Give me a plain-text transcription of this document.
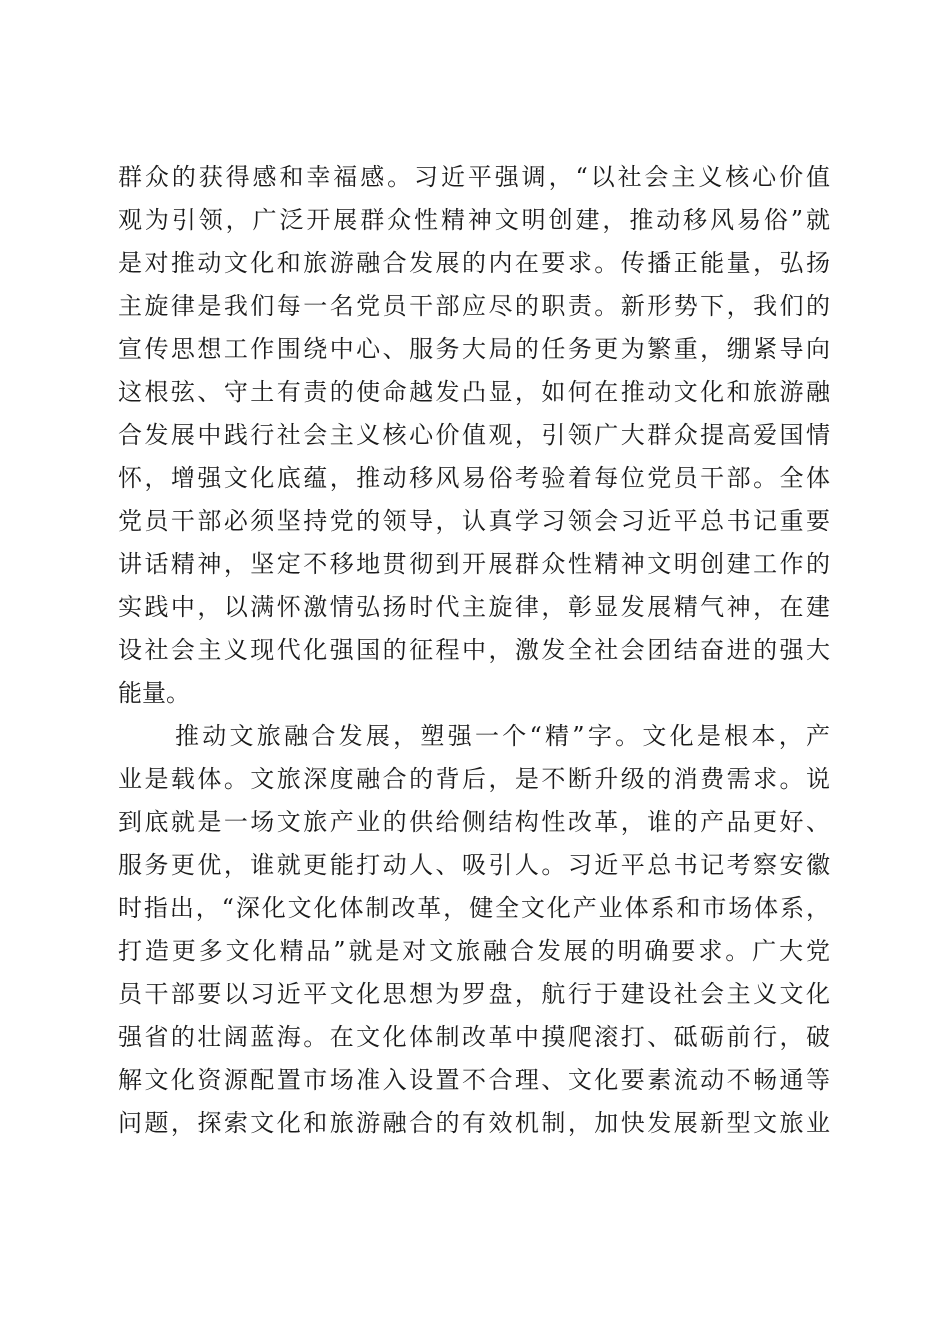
群众的获得感和幸福感。习近平强调，“以社会主义核心价值
观为引领，广泛开展群众性精神文明创建，推动移风易俗”就
是对推动文化和旅游融合发展的内在要求。传播正能量，弘扬
主旋律是我们每一名党员干部应尽的职责。新形势下，我们的
宣传思想工作围绕中心、服务大局的任务更为繁重，绷紧导向
这根弦、守土有责的使命越发凸显，如何在推动文化和旅游融
合发展中践行社会主义核心价值观，引领广大群众提高爱国情
怀，增强文化底蕴，推动移风易俗考验着每位党员干部。全体
党员干部必须坚持党的领导，认真学习领会习近平总书记重要
讲话精神，坚定不移地贯彻到开展群众性精神文明创建工作的
实践中，以满怀激情弘扬时代主旋律，彰显发展精气神，在建
设社会主义现代化强国的征程中，激发全社会团结奋进的强大
能量。
推动文旅融合发展，塑强一个“精”字。文化是根本，产
业是载体。文旅深度融合的背后，是不断升级的消费需求。说
到底就是一场文旅产业的供给侧结构性改革，谁的产品更好、
服务更优，谁就更能打动人、吸引人。习近平总书记考察安徽
时指出，“深化文化体制改革，健全文化产业体系和市场体系，
打造更多文化精品”就是对文旅融合发展的明确要求。广大党
员干部要以习近平文化思想为罗盘，航行于建设社会主义文化
强省的壮阔蓝海。在文化体制改革中摸爬滚打、砥砺前行，破
解文化资源配置市场准入设置不合理、文化要素流动不畅通等
问题，探索文化和旅游融合的有效机制，加快发展新型文旅业
